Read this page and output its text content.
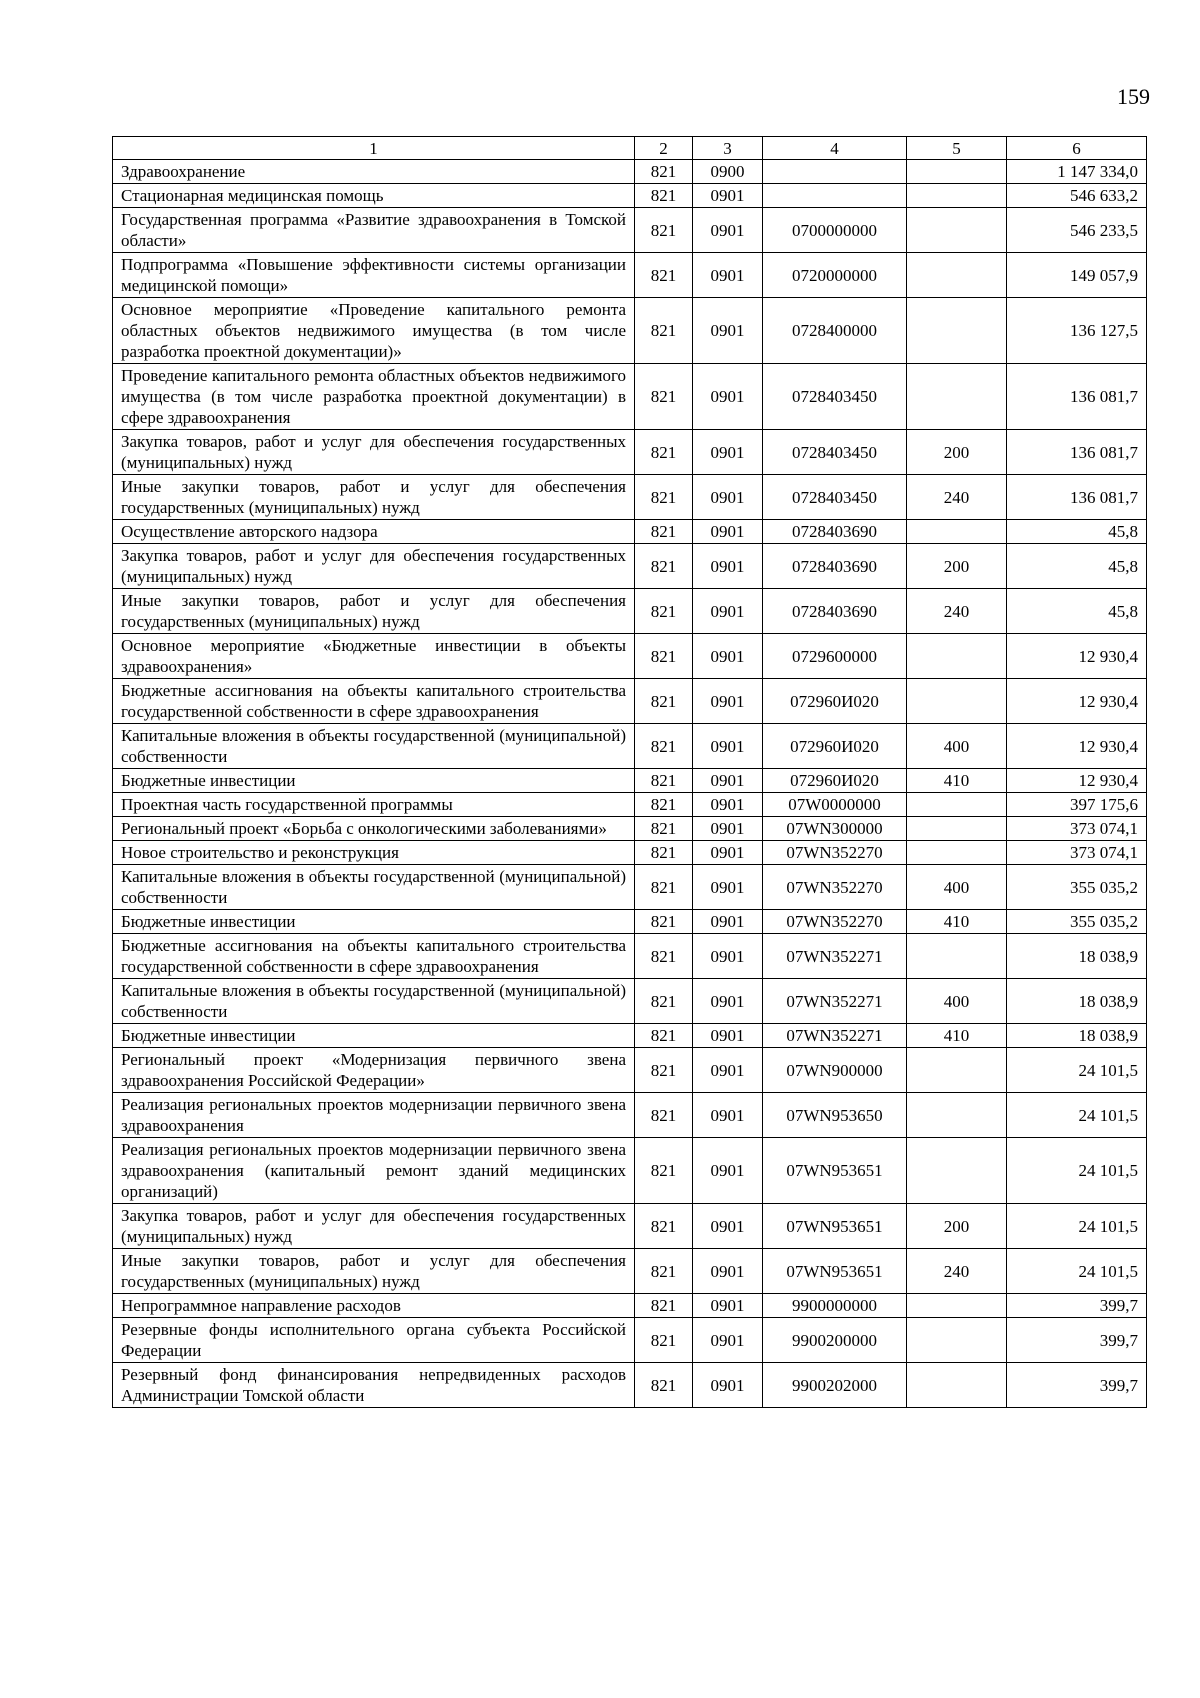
159
1	2	3	4	5	6
Здравоохранение	821	0900			1 147 334,0
Стационарная медицинская помощь	821	0901			546 633,2
Государственная программа «Развитие здравоохранения в Томской области»	821	0901	0700000000		546 233,5
Подпрограмма «Повышение эффективности системы организации медицинской помощи»	821	0901	0720000000		149 057,9
Основное мероприятие «Проведение капитального ремонта областных объектов недвижимого имущества (в том числе разработка проектной документации)»	821	0901	0728400000		136 127,5
Проведение капитального ремонта областных объектов недвижимого имущества (в том числе разработка проектной документации) в сфере здравоохранения	821	0901	0728403450		136 081,7
Закупка товаров, работ и услуг для обеспечения государственных (муниципальных) нужд	821	0901	0728403450	200	136 081,7
Иные закупки товаров, работ и услуг для обеспечения государственных (муниципальных) нужд	821	0901	0728403450	240	136 081,7
Осуществление авторского надзора	821	0901	0728403690		45,8
Закупка товаров, работ и услуг для обеспечения государственных (муниципальных) нужд	821	0901	0728403690	200	45,8
Иные закупки товаров, работ и услуг для обеспечения государственных (муниципальных) нужд	821	0901	0728403690	240	45,8
Основное мероприятие «Бюджетные инвестиции в объекты здравоохранения»	821	0901	0729600000		12 930,4
Бюджетные ассигнования на объекты капитального строительства государственной собственности в сфере здравоохранения	821	0901	072960И020		12 930,4
Капитальные вложения в объекты государственной (муниципальной) собственности	821	0901	072960И020	400	12 930,4
Бюджетные инвестиции	821	0901	072960И020	410	12 930,4
Проектная часть государственной программы	821	0901	07W0000000		397 175,6
Региональный проект «Борьба с онкологическими заболеваниями»	821	0901	07WN300000		373 074,1
Новое строительство и реконструкция	821	0901	07WN352270		373 074,1
Капитальные вложения в объекты государственной (муниципальной) собственности	821	0901	07WN352270	400	355 035,2
Бюджетные инвестиции	821	0901	07WN352270	410	355 035,2
Бюджетные ассигнования на объекты капитального строительства государственной собственности в сфере здравоохранения	821	0901	07WN352271		18 038,9
Капитальные вложения в объекты государственной (муниципальной) собственности	821	0901	07WN352271	400	18 038,9
Бюджетные инвестиции	821	0901	07WN352271	410	18 038,9
Региональный проект «Модернизация первичного звена здравоохранения Российской Федерации»	821	0901	07WN900000		24 101,5
Реализация региональных проектов модернизации первичного звена здравоохранения	821	0901	07WN953650		24 101,5
Реализация региональных проектов модернизации первичного звена здравоохранения (капитальный ремонт зданий медицинских организаций)	821	0901	07WN953651		24 101,5
Закупка товаров, работ и услуг для обеспечения государственных (муниципальных) нужд	821	0901	07WN953651	200	24 101,5
Иные закупки товаров, работ и услуг для обеспечения государственных (муниципальных) нужд	821	0901	07WN953651	240	24 101,5
Непрограммное направление расходов	821	0901	9900000000		399,7
Резервные фонды исполнительного органа субъекта Российской Федерации	821	0901	9900200000		399,7
Резервный фонд финансирования непредвиденных расходов Администрации Томской области	821	0901	9900202000		399,7
